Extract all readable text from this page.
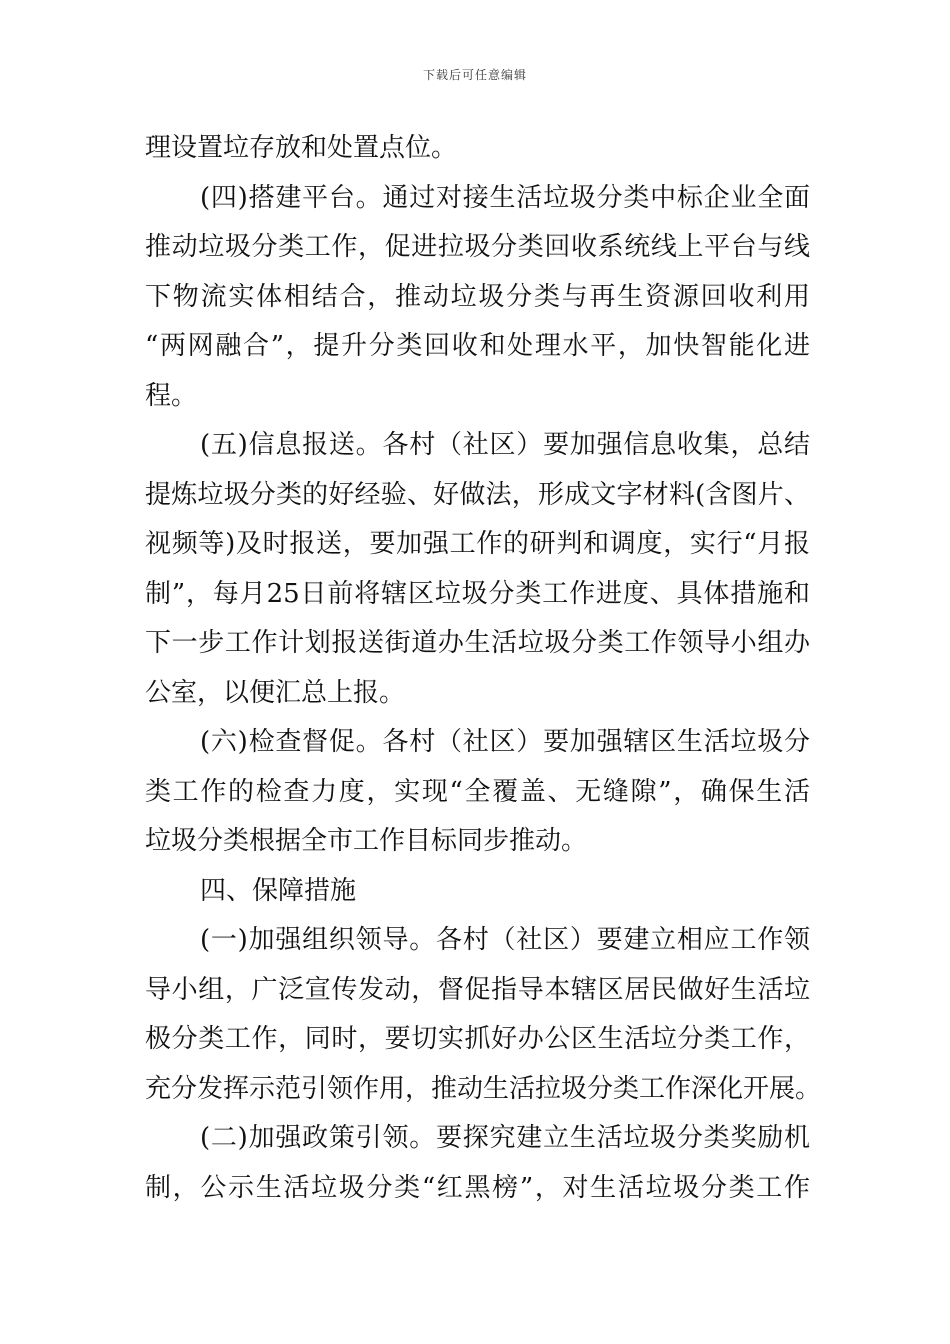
下载后可任意编辑
理设置垃存放和处置点位。
(四)搭建平台。通过对接生活垃圾分类中标企业全面
推动垃圾分类工作，促进拉圾分类回收系统线上平台与线
下物流实体相结合，推动垃圾分类与再生资源回收利用
“两网融合”，提升分类回收和处理水平，加快智能化进
程。
(五)信息报送。各村（社区）要加强信息收集，总结
提炼垃圾分类的好经验、好做法，形成文字材料(含图片、
视频等)及时报送，要加强工作的研判和调度，实行“月报
制”，每月25日前将辖区垃圾分类工作进度、具体措施和
下一步工作计划报送街道办生活垃圾分类工作领导小组办
公室，以便汇总上报。
(六)检查督促。各村（社区）要加强辖区生活垃圾分
类工作的检查力度，实现“全覆盖、无缝隙”，确保生活
垃圾分类根据全市工作目标同步推动。
四、保障措施
(一)加强组织领导。各村（社区）要建立相应工作领
导小组，广泛宣传发动，督促指导本辖区居民做好生活垃
极分类工作，同时，要切实抓好办公区生活垃分类工作，
充分发挥示范引领作用，推动生活拉圾分类工作深化开展。
(二)加强政策引领。要探究建立生活垃圾分类奖励机
制，公示生活垃圾分类“红黑榜”，对生活垃圾分类工作
